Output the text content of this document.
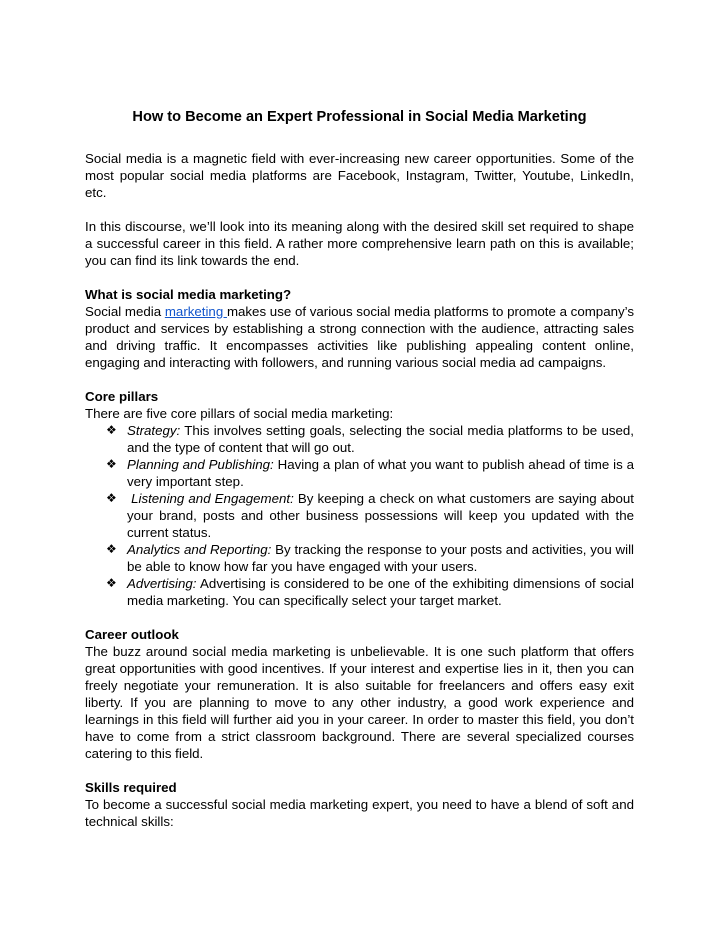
How to Become an Expert Professional in Social Media Marketing

Social media is a magnetic field with ever-increasing new career opportunities. Some of the most popular social media platforms are Facebook, Instagram, Twitter, Youtube, LinkedIn, etc.

In this discourse, we’ll look into its meaning along with the desired skill set required to shape a successful career in this field. A rather more comprehensive learn path on this is available; you can find its link towards the end.

What is social media marketing?

Social media marketing makes use of various social media platforms to promote a company’s product and services by establishing a strong connection with the audience, attracting sales and driving traffic. It encompasses activities like publishing appealing content online, engaging and interacting with followers, and running various social media ad campaigns.

Core pillars

There are five core pillars of social media marketing:

❖ Strategy: This involves setting goals, selecting the social media platforms to be used, and the type of content that will go out.
❖ Planning and Publishing: Having a plan of what you want to publish ahead of time is a very important step.
❖ Listening and Engagement: By keeping a check on what customers are saying about your brand, posts and other business possessions will keep you updated with the current status.
❖ Analytics and Reporting: By tracking the response to your posts and activities, you will be able to know how far you have engaged with your users.
❖ Advertising: Advertising is considered to be one of the exhibiting dimensions of social media marketing. You can specifically select your target market.

Career outlook

The buzz around social media marketing is unbelievable. It is one such platform that offers great opportunities with good incentives. If your interest and expertise lies in it, then you can freely negotiate your remuneration. It is also suitable for freelancers and offers easy exit liberty. If you are planning to move to any other industry, a good work experience and learnings in this field will further aid you in your career. In order to master this field, you don’t have to come from a strict classroom background. There are several specialized courses catering to this field.

Skills required

To become a successful social media marketing expert, you need to have a blend of soft and technical skills:
